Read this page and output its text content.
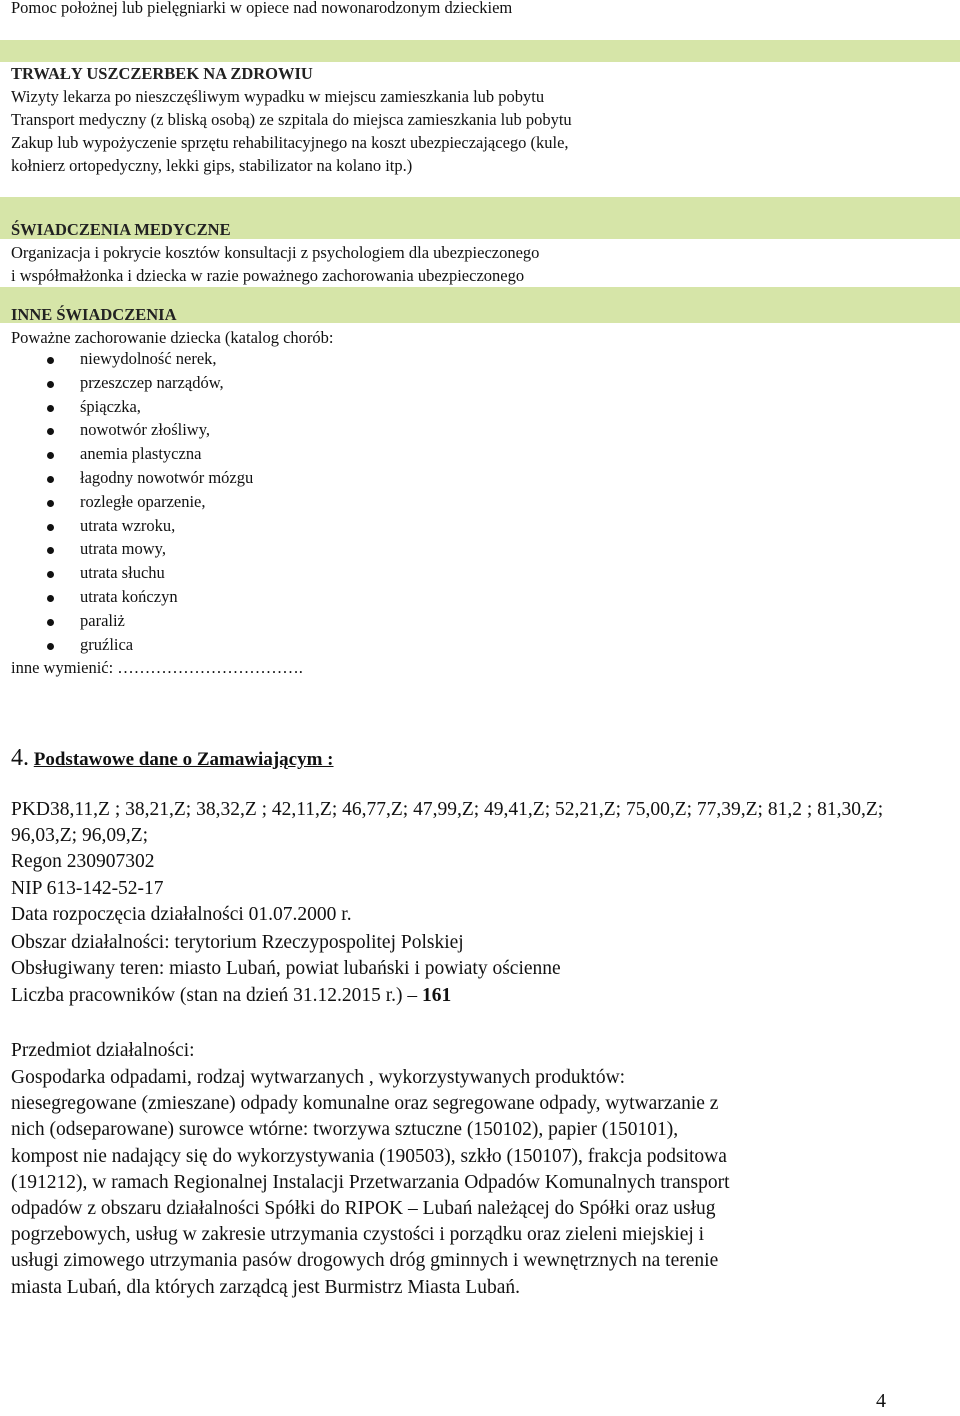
Pomoc położnej lub pielęgniarki w opiece nad nowonarodzonym dzieckiem
TRWAŁY USZCZERBEK NA ZDROWIU
Wizyty lekarza po nieszczęśliwym wypadku w miejscu zamieszkania lub pobytu
Transport medyczny (z bliską osobą) ze szpitala do miejsca zamieszkania lub pobytu
Zakup lub wypożyczenie sprzętu rehabilitacyjnego na koszt ubezpieczającego (kule,
kołnierz ortopedyczny, lekki gips, stabilizator na kolano itp.)
ŚWIADCZENIA MEDYCZNE
Organizacja i pokrycie kosztów konsultacji z psychologiem dla ubezpieczonego
i współmałżonka i dziecka w razie poważnego zachorowania ubezpieczonego
INNE ŚWIADCZENIA
Poważne zachorowanie dziecka (katalog chorób:
niewydolność nerek,
przeszczep narządów,
śpiączka,
nowotwór złośliwy,
anemia plastyczna
łagodny nowotwór mózgu
rozległe oparzenie,
utrata wzroku,
utrata mowy,
utrata słuchu
utrata kończyn
paraliż
gruźlica
inne wymienić: …………………………….
4. Podstawowe dane o Zamawiającym :
PKD38,11,Z ; 38,21,Z; 38,32,Z ; 42,11,Z; 46,77,Z; 47,99,Z; 49,41,Z; 52,21,Z; 75,00,Z; 77,39,Z; 81,2 ; 81,30,Z; 96,03,Z; 96,09,Z;
Regon 230907302
NIP 613-142-52-17
Data rozpoczęcia działalności 01.07.2000 r.
Obszar działalności: terytorium Rzeczypospolitej Polskiej
Obsługiwany teren: miasto Lubań, powiat lubański i powiaty ościenne
Liczba pracowników (stan na dzień 31.12.2015 r.) – 161
Przedmiot działalności:
Gospodarka odpadami, rodzaj wytwarzanych , wykorzystywanych produktów:
niesegregowane (zmieszane) odpady komunalne oraz segregowane odpady, wytwarzanie z
nich (odseparowane) surowce wtórne: tworzywa sztuczne (150102), papier (150101),
kompost nie nadający się do wykorzystywania (190503), szkło (150107), frakcja podsitowa
(191212), w ramach Regionalnej Instalacji Przetwarzania Odpadów Komunalnych transport
odpadów z obszaru działalności Spółki do RIPOK – Lubań należącej do Spółki oraz usług
pogrzebowych, usług w zakresie utrzymania czystości i porządku oraz zieleni miejskiej i
usługi zimowego utrzymania pasów drogowych dróg gminnych i wewnętrznych na terenie
miasta Lubań, dla których zarządcą jest Burmistrz Miasta Lubań.
4
